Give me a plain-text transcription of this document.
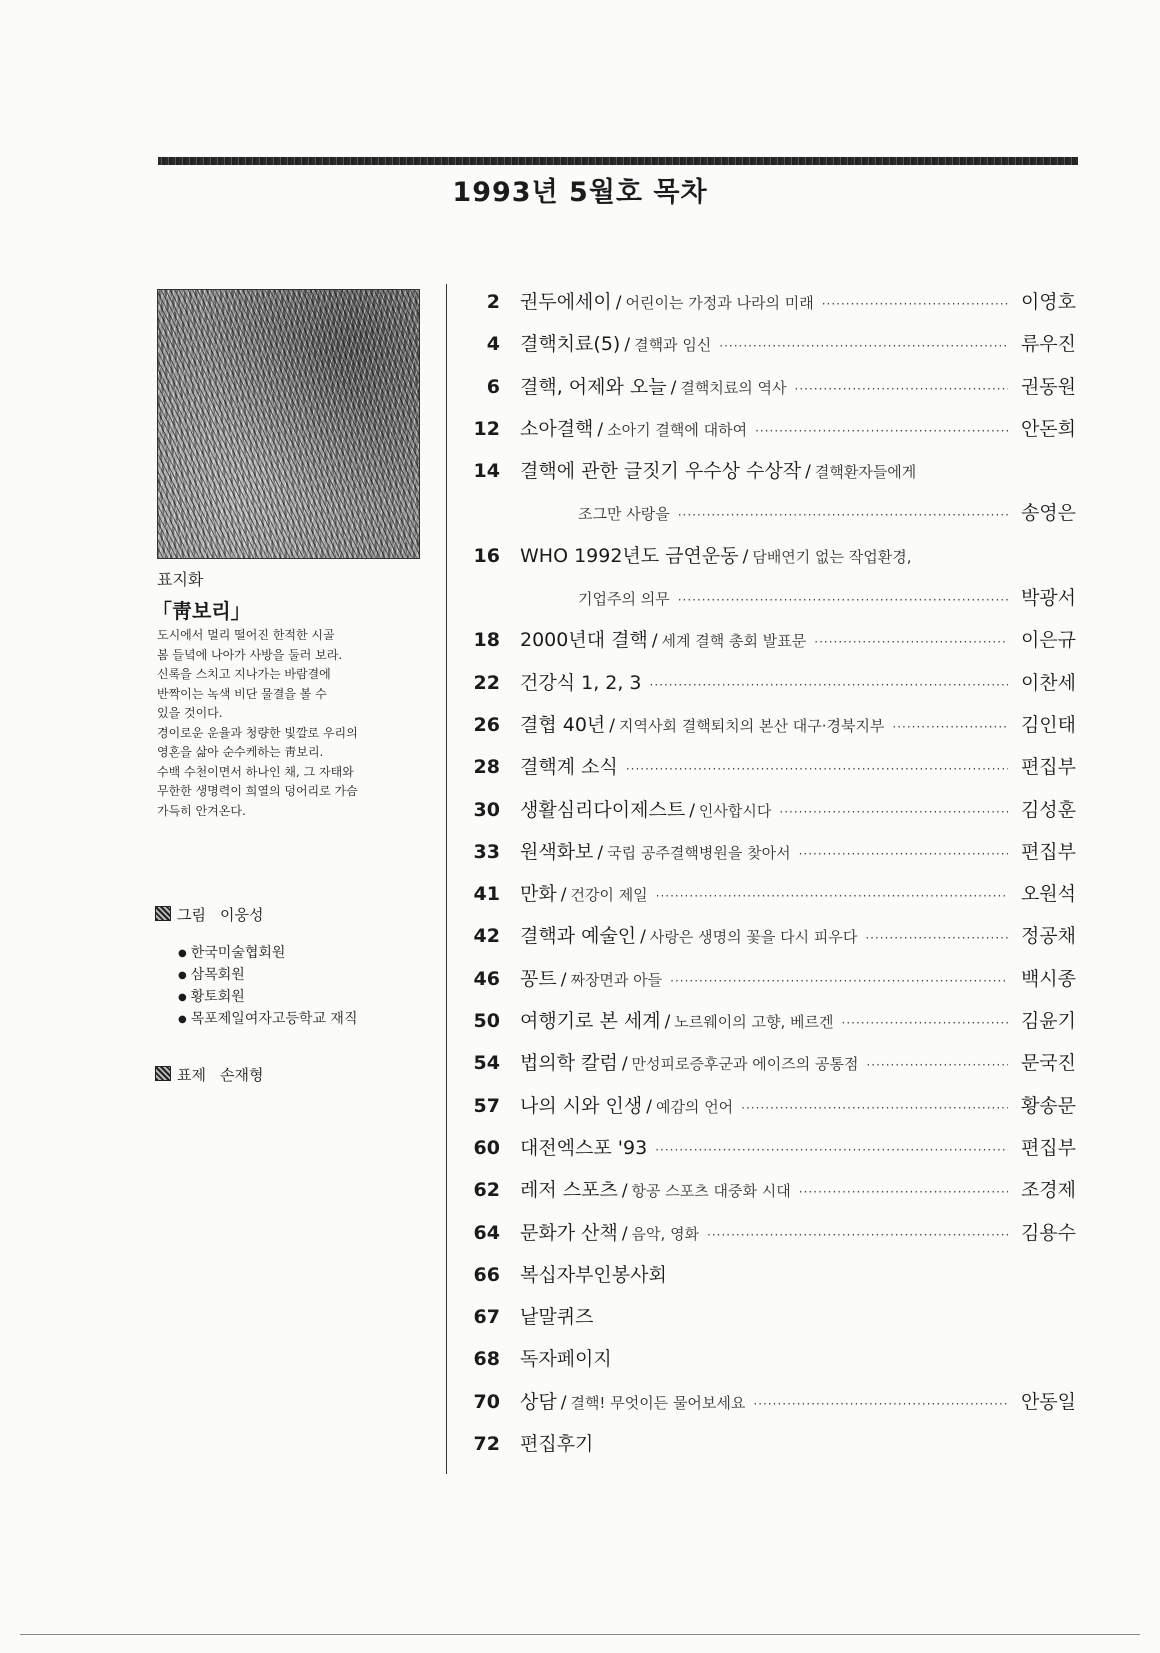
1993년 5월호 목차
표지화
「靑보리」
도시에서 멀리 떨어진 한적한 시골
봄 들녘에 나아가 사방을 둘러 보라.
신록을 스치고 지나가는 바람결에
반짝이는 녹색 비단 물결을 볼 수
있을 것이다.
경이로운 운율과 청량한 빛깔로 우리의
영혼을 삶아 순수케하는 靑보리.
수백 수천이면서 하나인 채, 그 자태와
무한한 생명력이 희열의 덩어리로 가슴
가득히 안겨온다.
그림 이웅성
● 한국미술협회원
● 삼목회원
● 황토회원
● 목포제일여자고등학교 재직
표제 손재형
2	권두에세이 / 어린이는 가정과 나라의 미래 ·····	이영호
4	결핵치료(5) / 결핵과 임신 ·····	류우진
6	결핵, 어제와 오늘 / 결핵치료의 역사 ·····	권동원
12	소아결핵 / 소아기 결핵에 대하여 ·····	안돈희
14	결핵에 관한 글짓기 우수상 수상작 / 결핵환자들에게
조그만 사랑을 ·····	송영은
16	WHO 1992년도 금연운동 / 담배연기 없는 작업환경,
기업주의 의무 ·····	박광서
18	2000년대 결핵 / 세계 결핵 총회 발표문 ·····	이은규
22	건강식 1, 2, 3 ·····	이찬세
26	결협 40년 / 지역사회 결핵퇴치의 본산 대구·경북지부 ·····	김인태
28	결핵계 소식 ·····	편집부
30	생활심리다이제스트 / 인사합시다 ·····	김성훈
33	원색화보 / 국립 공주결핵병원을 찾아서 ·····	편집부
41	만화 / 건강이 제일 ·····	오원석
42	결핵과 예술인 / 사랑은 생명의 꽃을 다시 피우다 ·····	정공채
46	꽁트 / 짜장면과 아들 ·····	백시종
50	여행기로 본 세계 / 노르웨이의 고향, 베르겐 ·····	김윤기
54	법의학 칼럼 / 만성피로증후군과 에이즈의 공통점 ·····	문국진
57	나의 시와 인생 / 예감의 언어 ·····	황송문
60	대전엑스포 '93 ·····	편집부
62	레저 스포츠 / 항공 스포츠 대중화 시대 ·····	조경제
64	문화가 산책 / 음악, 영화 ·····	김용수
66	복십자부인봉사회
67	낱말퀴즈
68	독자페이지
70	상담 / 결핵! 무엇이든 물어보세요 ·····	안동일
72	편집후기
